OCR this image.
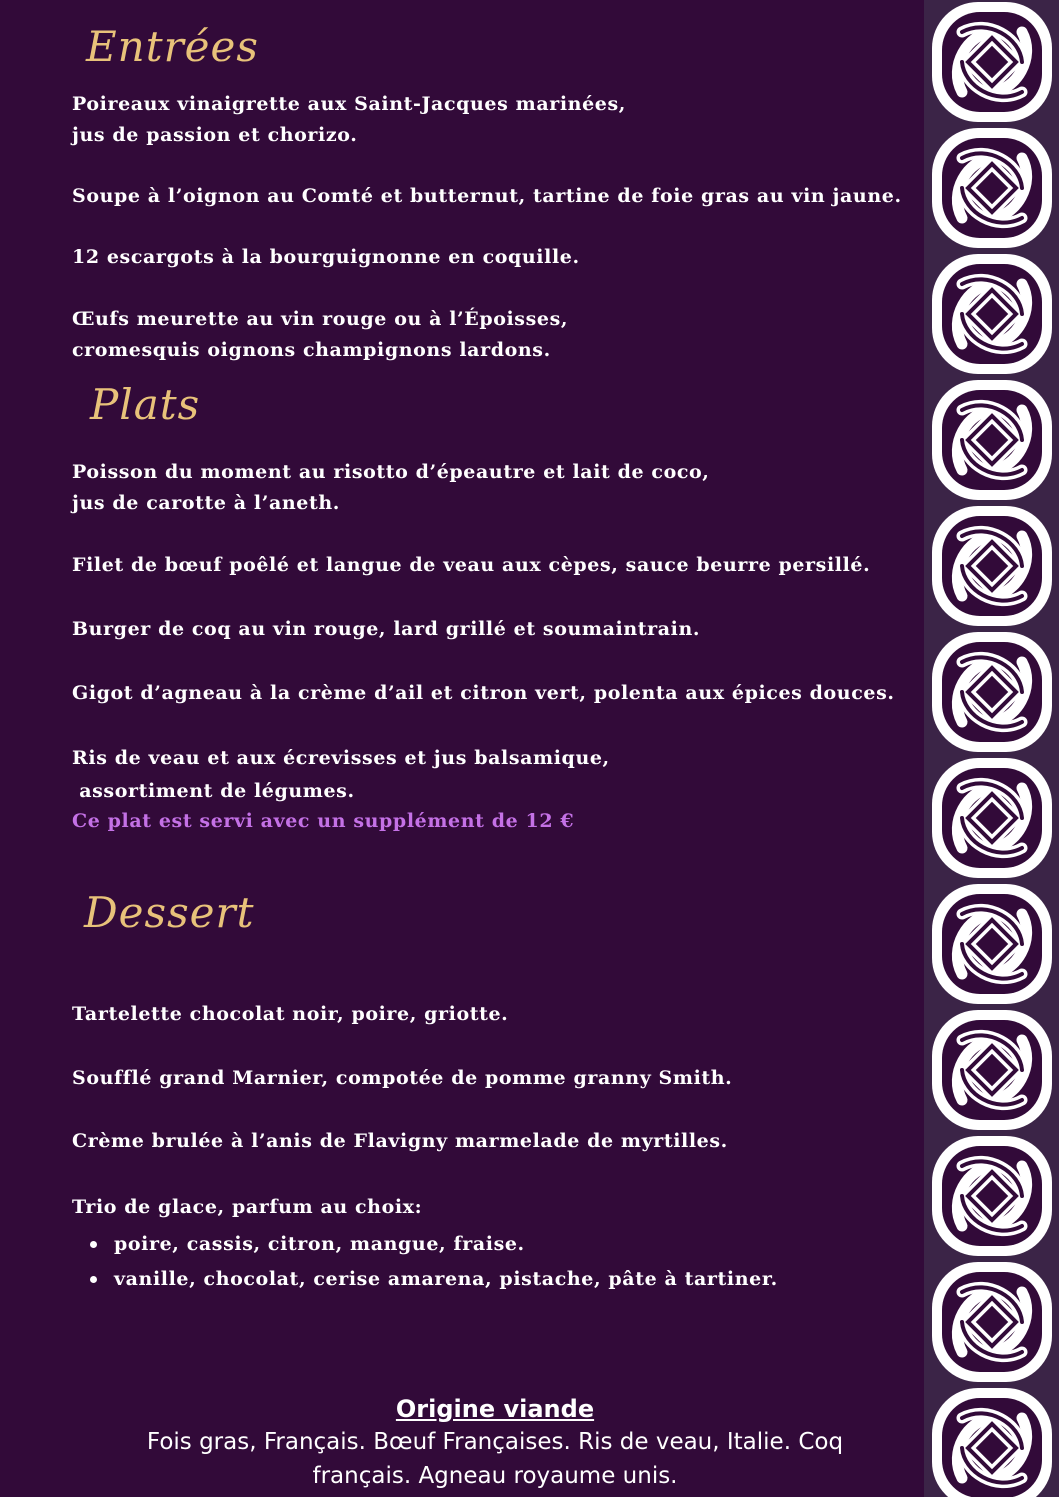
Entrées

Poireaux vinaigrette aux Saint-Jacques marinées,
jus de passion et chorizo.

Soupe à l’oignon au Comté et butternut, tartine de foie gras au vin jaune.

12 escargots à la bourguignonne en coquille.

Œufs meurette au vin rouge ou à l’Époisses,
cromesquis oignons champignons lardons.

Plats

Poisson du moment au risotto d’épeautre et lait de coco,
jus de carotte à l’aneth.

Filet de bœuf poêlé et langue de veau aux cèpes, sauce beurre persillé.

Burger de coq au vin rouge, lard grillé et soumaintrain.

Gigot d’agneau à la crème d’ail et citron vert, polenta aux épices douces.

Ris de veau et aux écrevisses et jus balsamique,
assortiment de légumes.

Ce plat est servi avec un supplément de 12 €

Dessert

Tartelette chocolat noir, poire, griotte.

Soufflé grand Marnier, compotée de pomme granny Smith.

Crème brulée à l’anis de Flavigny marmelade de myrtilles.

Trio de glace, parfum au choix:

poire, cassis, citron, mangue, fraise.
vanille, chocolat, cerise amarena, pistache, pâte à tartiner.

Origine viande

Fois gras, Français. Bœuf Françaises. Ris de veau, Italie. Coq
français. Agneau royaume unis.
